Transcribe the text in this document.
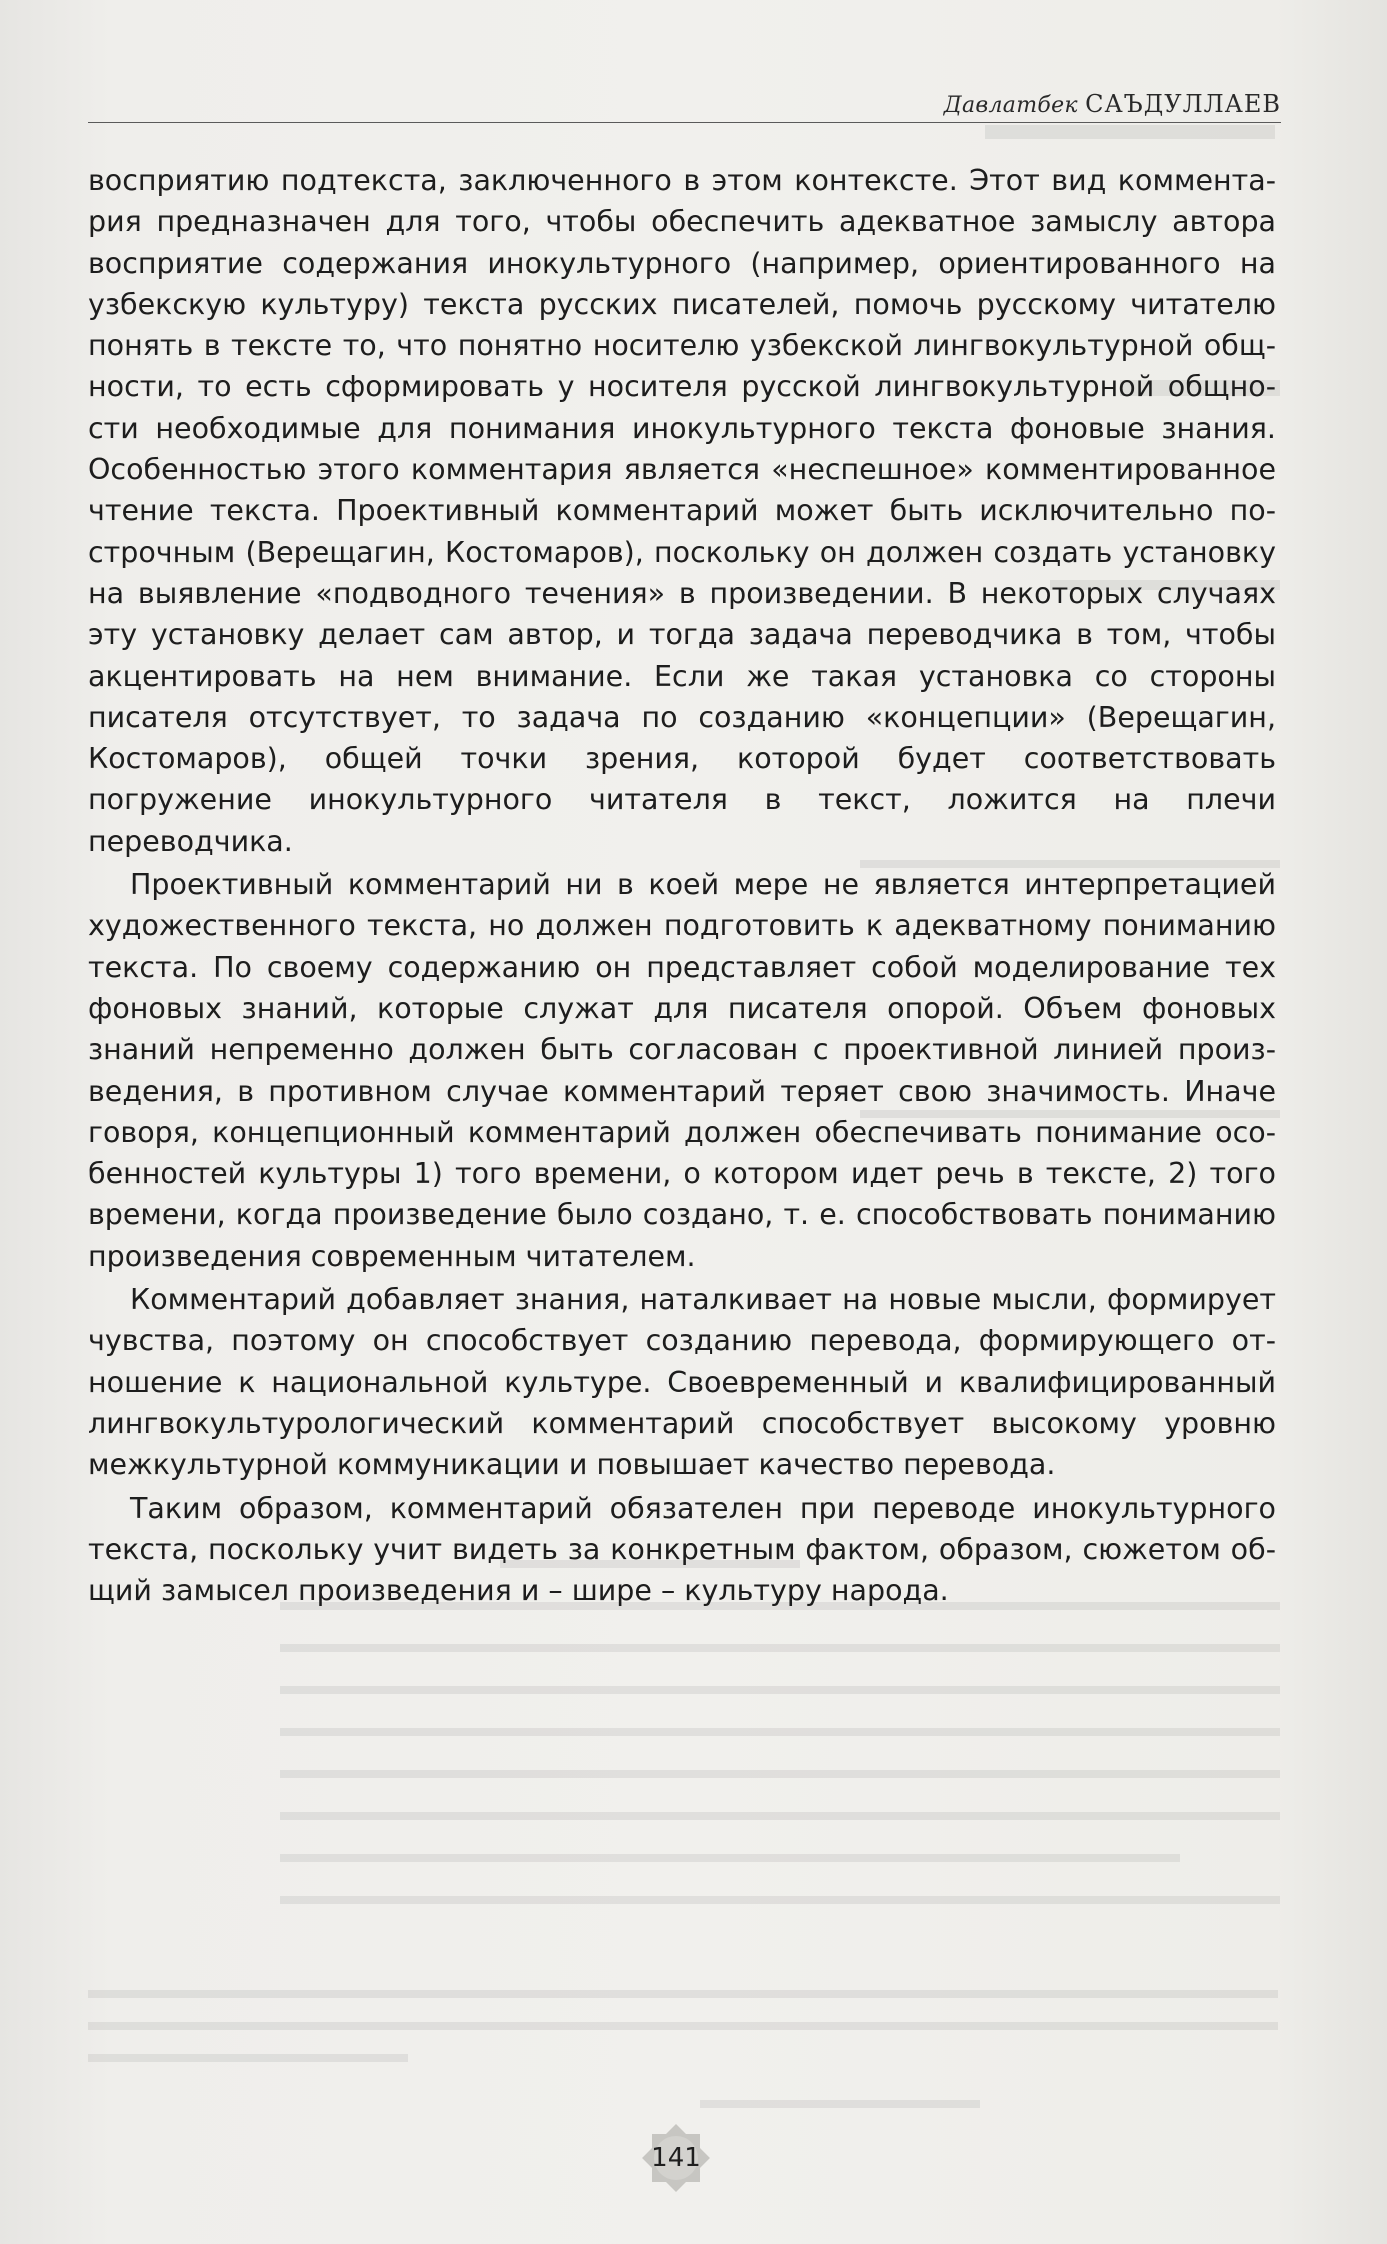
Давлатбек САЪДУЛЛАЕВ

восприятию подтекста, заключенного в этом контексте. Этот вид комментария предназначен для того, чтобы обеспечить адекватное замыслу автора восприятие содержания инокультурного (например, ориентированного на узбекскую культуру) текста русских писателей, помочь русскому читателю понять в тексте то, что понятно носителю узбекской лингвокультурной общности, то есть сформировать у носителя русской лингвокультурной общности необходимые для понимания инокультурного текста фоновые знания. Особенностью этого комментария является «неспешное» комментированное чтение текста. Проективный комментарий может быть исключительно построчным (Верещагин, Костомаров), поскольку он должен создать установку на выявление «подводного течения» в произведении. В некоторых случаях эту установку делает сам автор, и тогда задача переводчика в том, чтобы акцентировать на нем внимание. Если же такая установка со стороны писателя отсутствует, то задача по созданию «концепции» (Верещагин, Костомаров), общей точки зрения, которой будет соответствовать погружение инокультурного читателя в текст, ложится на плечи переводчика.

Проективный комментарий ни в коей мере не является интерпретацией художественного текста, но должен подготовить к адекватному пониманию текста. По своему содержанию он представляет собой моделирование тех фоновых знаний, которые служат для писателя опорой. Объем фоновых знаний непременно должен быть согласован с проективной линией произведения, в противном случае комментарий теряет свою значимость. Иначе говоря, концепционный комментарий должен обеспечивать понимание особенностей культуры 1) того времени, о котором идет речь в тексте, 2) того времени, когда произведение было создано, т. е. способствовать пониманию произведения современным читателем.

Комментарий добавляет знания, наталкивает на новые мысли, формирует чувства, поэтому он способствует созданию перевода, формирующего отношение к национальной культуре. Своевременный и квалифицированный лингвокультурологический комментарий способствует высокому уровню межкультурной коммуникации и повышает качество перевода.

Таким образом, комментарий обязателен при переводе инокультурного текста, поскольку учит видеть за конкретным фактом, образом, сюжетом общий замысел произведения и – шире – культуру народа.

141
